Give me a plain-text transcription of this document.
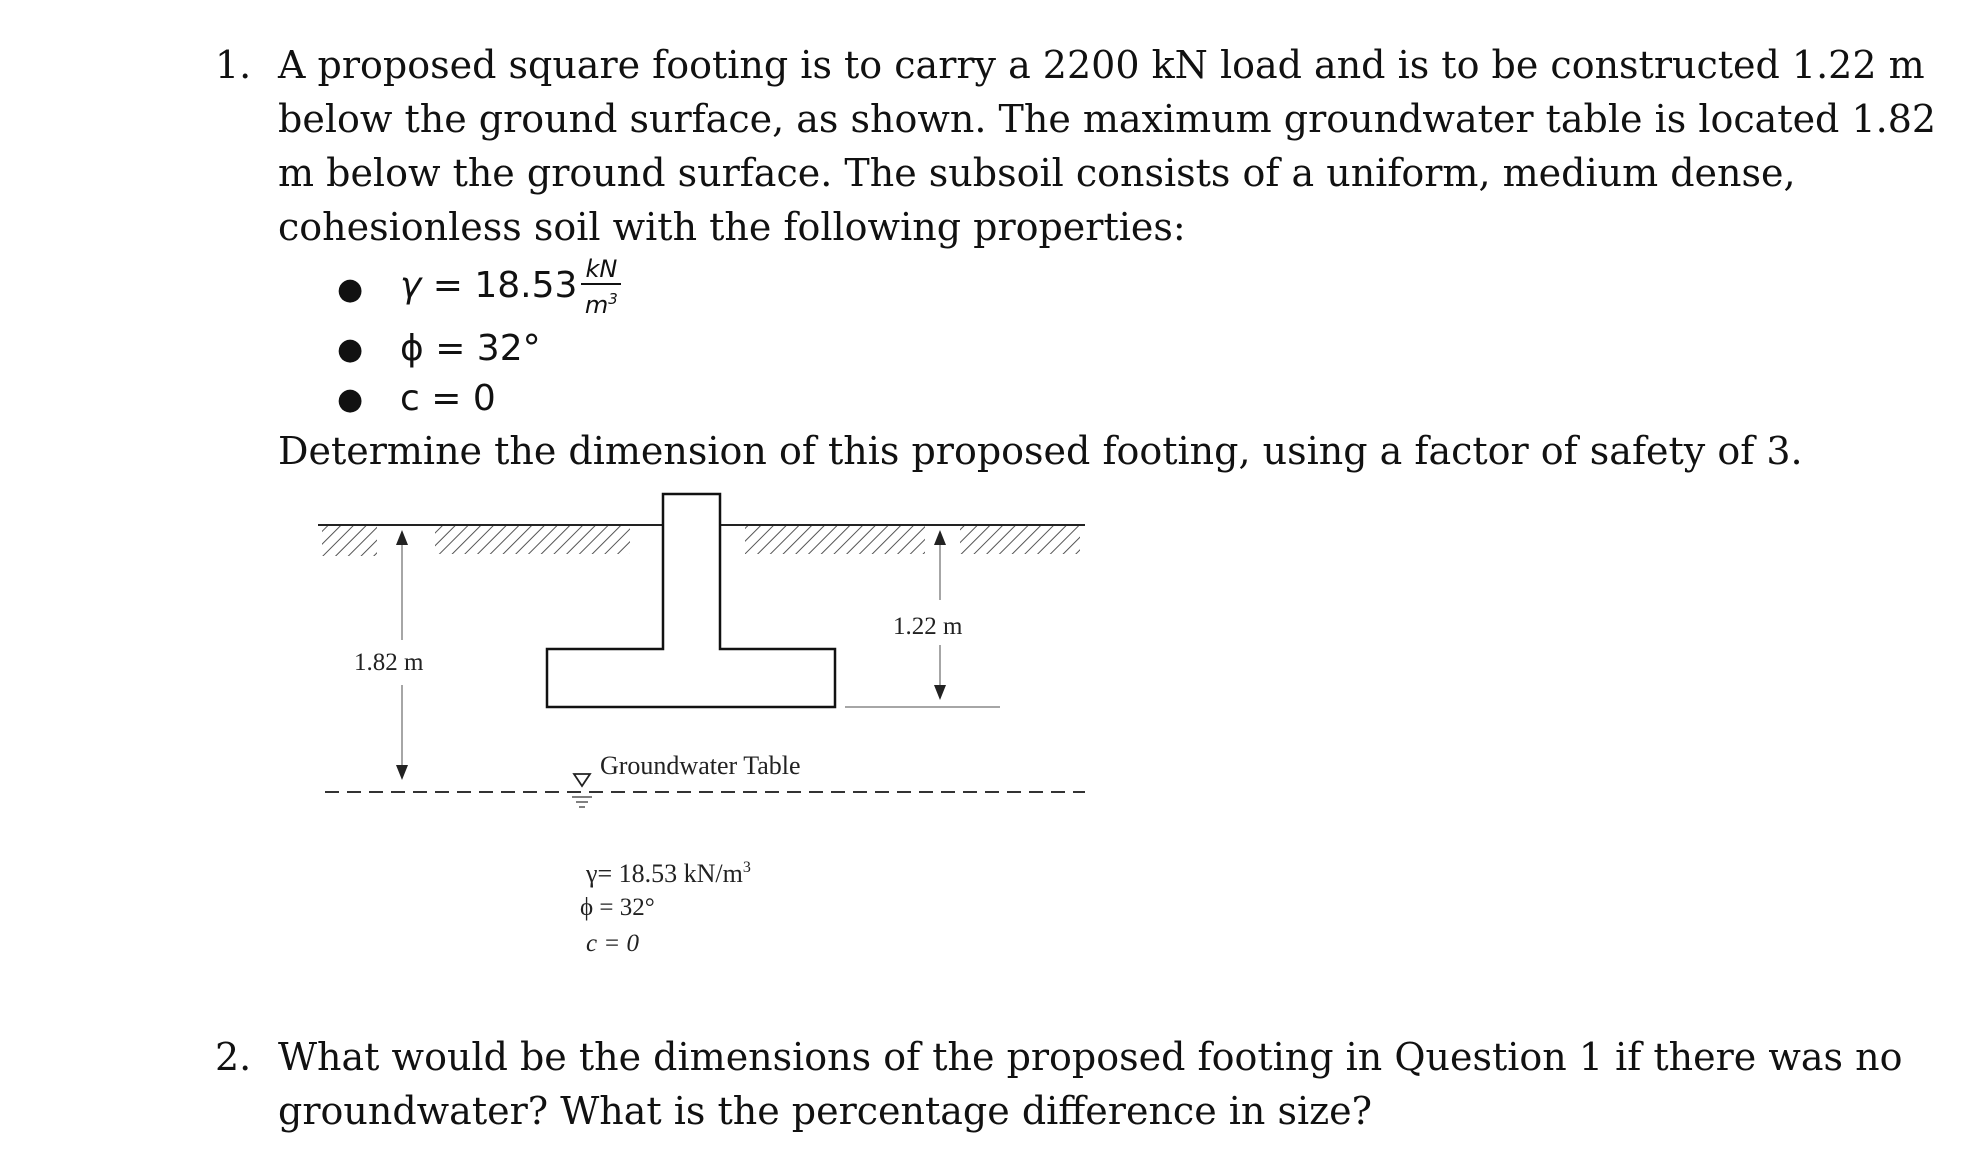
1. A proposed square footing is to carry a 2200 kN load and is to be constructed 1.22 m
below the ground surface, as shown. The maximum groundwater table is located 1.82
m below the ground surface. The subsoil consists of a uniform, medium dense,
cohesionless soil with the following properties:
● $\gamma = 18.53 \frac{kN}{m^3}$
● ϕ = 32°
● c = 0
Determine the dimension of this proposed footing, using a factor of safety of 3.
1.82 m
1.22 m
Groundwater Table
γ= 18.53 $kN/m^3$
ϕ = 32°
c = 0
2. What would be the dimensions of the proposed footing in Question 1 if there was no
groundwater? What is the percentage difference in size?
